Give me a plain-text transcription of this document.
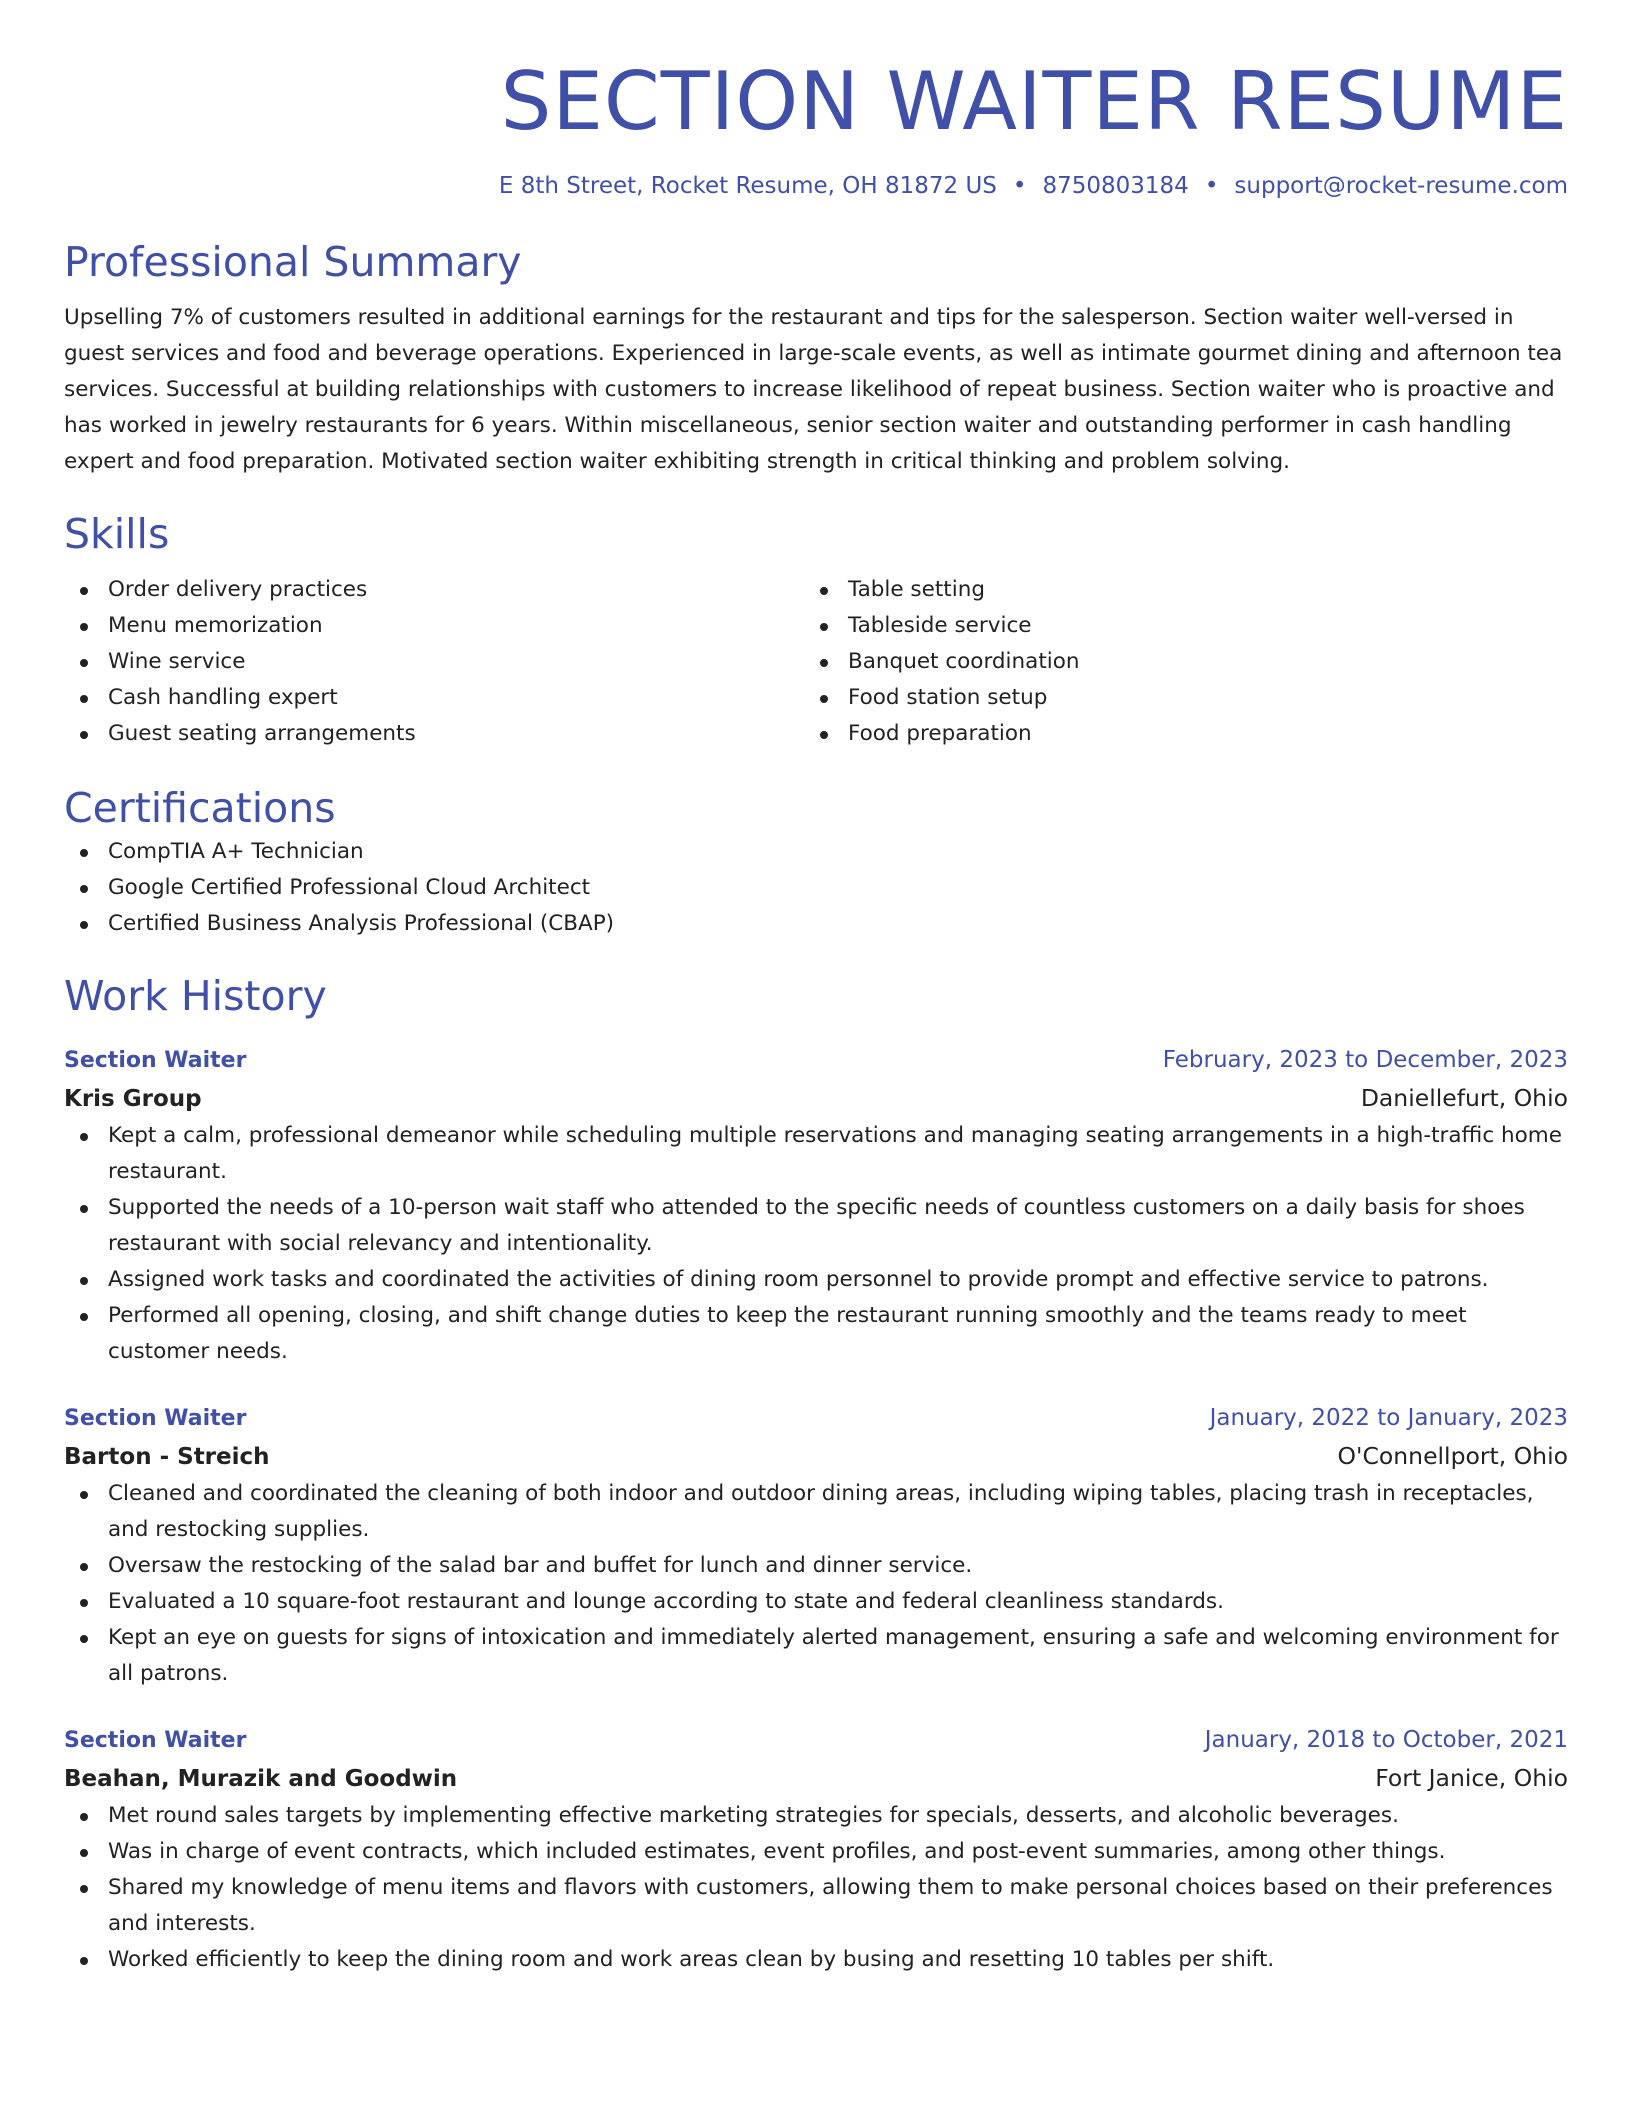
SECTION WAITER RESUME
E 8th Street, Rocket Resume, OH 81872 US • 8750803184 • support@rocket-resume.com
Professional Summary

Upselling 7% of customers resulted in additional earnings for the restaurant and tips for the salesperson. Section waiter well-versed in guest services and food and beverage operations. Experienced in large-scale events, as well as intimate gourmet dining and afternoon tea services. Successful at building relationships with customers to increase likelihood of repeat business. Section waiter who is proactive and has worked in jewelry restaurants for 6 years. Within miscellaneous, senior section waiter and outstanding performer in cash handling expert and food preparation. Motivated section waiter exhibiting strength in critical thinking and problem solving.

Skills
Order delivery practices
Menu memorization
Wine service
Cash handling expert
Guest seating arrangements
Table setting
Tableside service
Banquet coordination
Food station setup
Food preparation
Certifications
CompTIA A+ Technician
Google Certified Professional Cloud Architect
Certified Business Analysis Professional (CBAP)
Work History
Section Waiter	February, 2023 to December, 2023
Kris Group	Daniellefurt, Ohio
Kept a calm, professional demeanor while scheduling multiple reservations and managing seating arrangements in a high-traffic home restaurant.
Supported the needs of a 10-person wait staff who attended to the specific needs of countless customers on a daily basis for shoes restaurant with social relevancy and intentionality.
Assigned work tasks and coordinated the activities of dining room personnel to provide prompt and effective service to patrons.
Performed all opening, closing, and shift change duties to keep the restaurant running smoothly and the teams ready to meet customer needs.
Section Waiter	January, 2022 to January, 2023
Barton - Streich	O'Connellport, Ohio
Cleaned and coordinated the cleaning of both indoor and outdoor dining areas, including wiping tables, placing trash in receptacles, and restocking supplies.
Oversaw the restocking of the salad bar and buffet for lunch and dinner service.
Evaluated a 10 square-foot restaurant and lounge according to state and federal cleanliness standards.
Kept an eye on guests for signs of intoxication and immediately alerted management, ensuring a safe and welcoming environment for all patrons.
Section Waiter	January, 2018 to October, 2021
Beahan, Murazik and Goodwin	Fort Janice, Ohio
Met round sales targets by implementing effective marketing strategies for specials, desserts, and alcoholic beverages.
Was in charge of event contracts, which included estimates, event profiles, and post-event summaries, among other things.
Shared my knowledge of menu items and flavors with customers, allowing them to make personal choices based on their preferences and interests.
Worked efficiently to keep the dining room and work areas clean by busing and resetting 10 tables per shift.
